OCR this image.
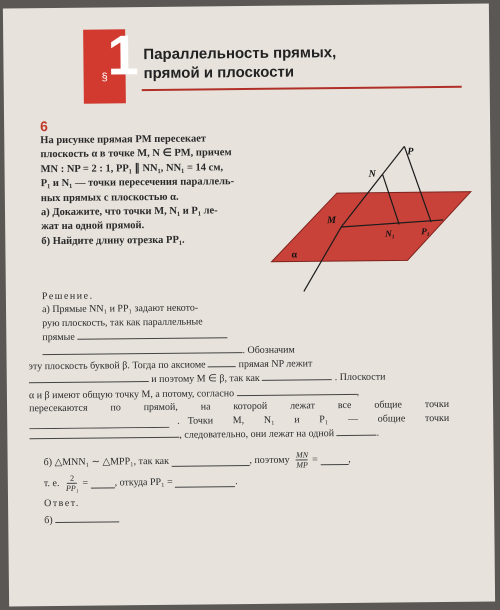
§ 1 Параллельность прямых,
прямой и плоскости
6
На рисунке прямая PM пересекает
плоскость α в точке M, N ∈ PM, причем
MN : NP = 2 : 1, PP₁ ∥ NN₁, NN₁ = 14 см,
P₁ и N₁ — точки пересечения параллель-
ных прямых с плоскостью α.
а) Докажите, что точки M, N₁ и P₁ ле-
жат на одной прямой.
б) Найдите длину отрезка PP₁.
P
N
M
N₁	P₁
α
Решение.
а) Прямые NN₁ и PP₁ задают некото-
рую плоскость, так как параллельные
прямые
. Обозначим
эту плоскость буквой β. Тогда по аксиоме	прямая NP лежит
и поэтому M ∈ β, так как	. Плоскости
α и β имеют общую точку M, а потому, согласно	,
пересекаются по прямой, на которой лежат все общие точки
. Точки M, N₁ и P₁ — общие точки
, следовательно, они лежат на одной	.
б) △MNN₁ ∼ △MPP₁, так как
	, поэтому
$\frac{MN}{MP}$ =
	,
т. е.
$\frac{2}{\text{PP₁}}$ =
	, откуда PP₁ =
	.
Ответ.
б)
